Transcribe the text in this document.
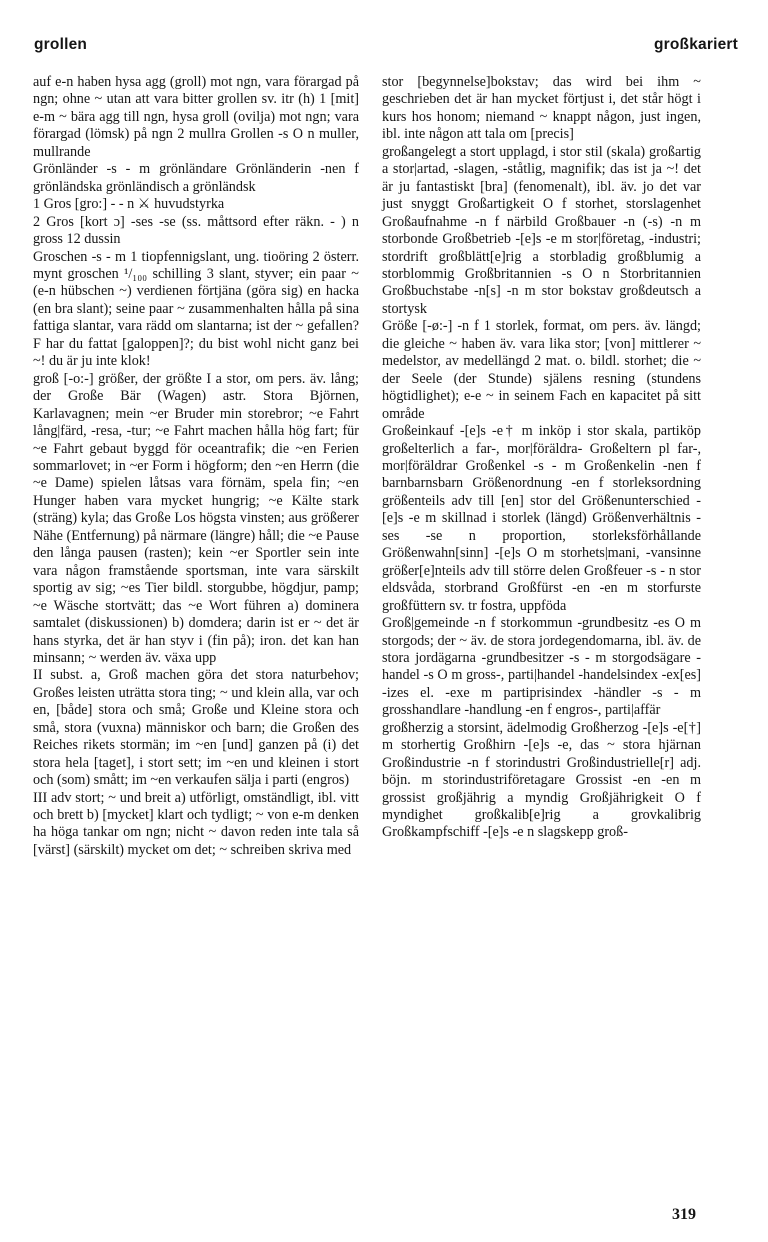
grollen	großkariert

auf e-n haben hysa agg (groll) mot ngn, vara förargad på ngn; ohne ~ utan att vara bitter grollen sv. itr (h) 1 [mit] e-m ~ bära agg till ngn, hysa groll (ovilja) mot ngn; vara förargad (lömsk) på ngn 2 mullra Grollen -s O n muller, mullrande

Grönländer -s - m grönländare Grönländerin -nen f grönländska grönländisch a grönländsk

1 Gros [gro:] - - n ⚔ huvudstyrka

2 Gros [kort ɔ] -ses -se (ss. måttsord efter räkn. - ) n gross 12 dussin

Groschen -s - m 1 tiopfennigslant, ung. tioöring 2 österr. mynt groschen ¹/₁₀₀ schilling 3 slant, styver; ein paar ~ (e-n hübschen ~) verdienen förtjäna (göra sig) en hacka (en bra slant); seine paar ~ zusammenhalten hålla på sina fattiga slantar, vara rädd om slantarna; ist der ~ gefallen? F har du fattat [galoppen]?; du bist wohl nicht ganz bei ~! du är ju inte klok!

groß [-o:-] größer, der größte I a stor, om pers. äv. lång; der Große Bär (Wagen) astr. Stora Björnen, Karlavagnen; mein ~er Bruder min storebror; ~e Fahrt lång|färd, -resa, -tur; ~e Fahrt machen hålla hög fart; für ~e Fahrt gebaut byggd för oceantrafik; die ~en Ferien sommarlovet; in ~er Form i högform; den ~en Herrn (die ~e Dame) spielen låtsas vara förnäm, spela fin; ~en Hunger haben vara mycket hungrig; ~e Kälte stark (sträng) kyla; das Große Los högsta vinsten; aus größerer Nähe (Entfernung) på närmare (längre) håll; die ~e Pause den långa pausen (rasten); kein ~er Sportler sein inte vara någon framstående sportsman, inte vara särskilt sportig av sig; ~es Tier bildl. storgubbe, högdjur, pamp; ~e Wäsche stortvätt; das ~e Wort führen a) dominera samtalet (diskussionen) b) domdera; darin ist er ~ det är hans styrka, det är han styv i (fin på); iron. det kan han minsann; ~ werden äv. växa upp

II subst. a, Groß machen göra det stora naturbehov; Großes leisten uträtta stora ting; ~ und klein alla, var och en, [både] stora och små; Große und Kleine stora och små, stora (vuxna) människor och barn; die Großen des Reiches rikets stormän; im ~en [und] ganzen på (i) det stora hela [taget], i stort sett; im ~en und kleinen i stort och (som) smått; im ~en verkaufen sälja i parti (engros)

III adv stort; ~ und breit a) utförligt, omständligt, ibl. vitt och brett b) [mycket] klart och tydligt; ~ von e-m denken ha höga tankar om ngn; nicht ~ davon reden inte tala så [värst] (särskilt) mycket om det; ~ schreiben skriva med

stor [begynnelse]bokstav; das wird bei ihm ~ geschrieben det är han mycket förtjust i, det står högt i kurs hos honom; niemand ~ knappt någon, just ingen, ibl. inte någon att tala om [precis]

großangelegt a stort upplagd, i stor stil (skala) großartig a stor|artad, -slagen, -ståtlig, magnifik; das ist ja ~! det är ju fantastiskt [bra] (fenomenalt), ibl. äv. jo det var just snyggt Großartigkeit O f storhet, storslagenhet Großaufnahme -n f närbild Großbauer -n (-s) -n m storbonde Großbetrieb -[e]s -e m stor|företag, -industri; stordrift großblätt[e]rig a storbladig großblumig a storblommig Großbritannien -s O n Storbritannien Großbuchstabe -n[s] -n m stor bokstav großdeutsch a stortysk

Größe [-ø:-] -n f 1 storlek, format, om pers. äv. längd; die gleiche ~ haben äv. vara lika stor; [von] mittlerer ~ medelstor, av medellängd 2 mat. o. bildl. storhet; die ~ der Seele (der Stunde) själens resning (stundens högtidlighet); e-e ~ in seinem Fach en kapacitet på sitt område

Großeinkauf -[e]s -e† m inköp i stor skala, partiköp großelterlich a far-, mor|föräldra- Großeltern pl far-, mor|föräldrar Großenkel -s - m Großenkelin -nen f barnbarnsbarn Größenordnung -en f storleksordning größenteils adv till [en] stor del Größenunterschied -[e]s -e m skillnad i storlek (längd) Größenverhältnis -ses -se n proportion, storleksförhållande Größenwahn[sinn] -[e]s O m storhets|mani, -vansinne größer[e]nteils adv till större delen Großfeuer -s - n stor eldsvåda, storbrand Großfürst -en -en m storfurste großfüttern sv. tr fostra, uppföda

Groß|gemeinde -n f storkommun -grundbesitz -es O m storgods; der ~ äv. de stora jordegendomarna, ibl. äv. de stora jordägarna -grundbesitzer -s - m storgodsägare -handel -s O m gross-, parti|handel -handelsindex -ex[es] -izes el. -exe m partiprisindex -händler -s - m grosshandlare -handlung -en f engros-, parti|affär

großherzig a storsint, ädelmodig Großherzog -[e]s -e[†] m storhertig Großhirn -[e]s -e, das ~ stora hjärnan Großindustrie -n f storindustri Großindustrielle[r] adj. böjn. m storindustriföretagare Grossist -en -en m grossist großjährig a myndig Großjährigkeit O f myndighet großkalib[e]rig a grovkalibrig Großkampfschiff -[e]s -e n slagskepp groß-

319
